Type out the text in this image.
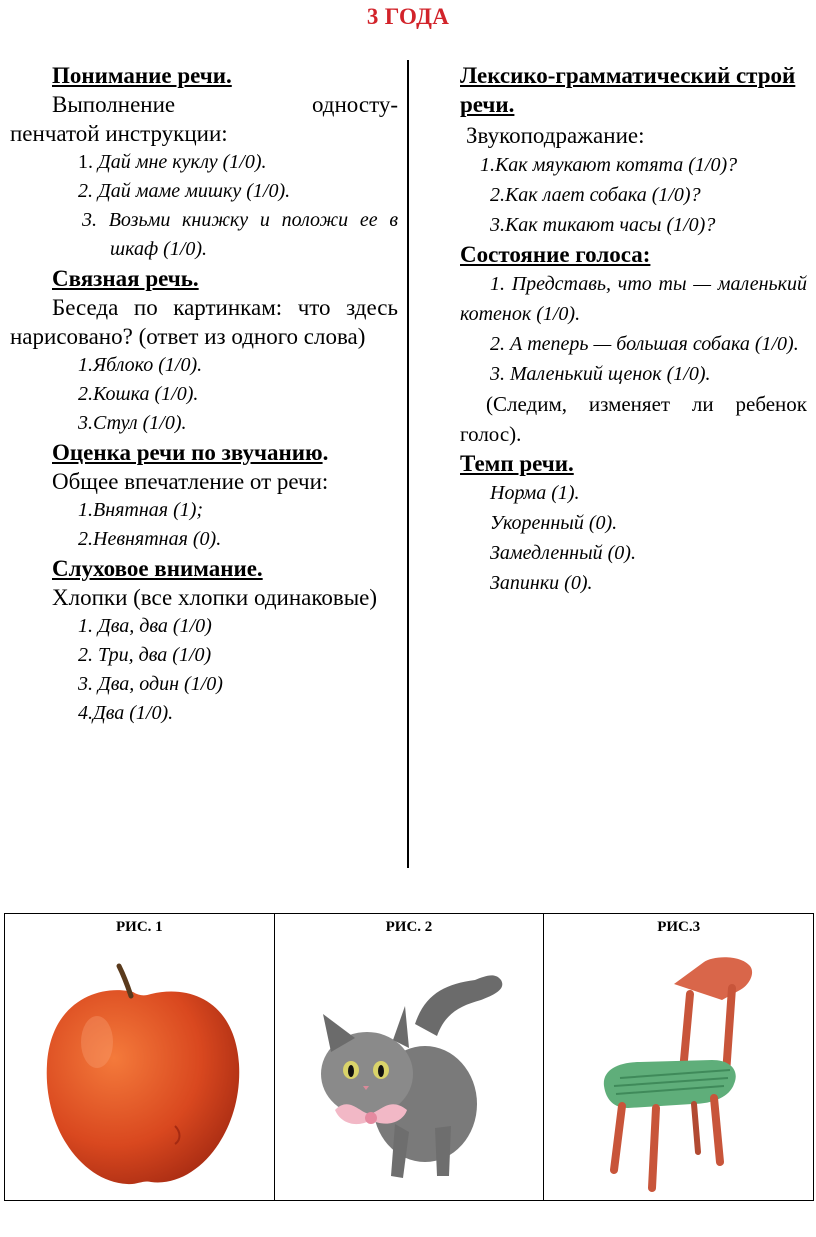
3 ГОДА
Понимание речи.
Выполнение односту-
пенчатой инструкции:
1. Дай мне куклу (1/0).
2. Дай маме мишку (1/0).
3. Возьми книжку и положи ее в шкаф (1/0).
Связная речь.
Беседа по картинкам: что здесь нарисовано? (ответ из одного слова)
1.Яблоко (1/0).
2.Кошка (1/0).
3.Стул (1/0).
Оценка речи по звучанию.
Общее впечатление от речи:
1.Внятная (1);
2.Невнятная (0).
Слуховое внимание.
Хлопки (все хлопки одинаковые)
1. Два, два (1/0)
2. Три, два (1/0)
3. Два, один (1/0)
4.Два (1/0).
Лексико-грамматический строй речи.
Звукоподражание:
1.Как мяукают котята (1/0)?
2.Как лает собака (1/0)?
3.Как тикают часы (1/0)?
Состояние голоса:
1. Представь, что ты — маленький котенок (1/0).
2. А теперь — большая собака (1/0).
3. Маленький щенок (1/0).
(Следим, изменяет ли ребенок голос).
Темп речи.
Норма (1).
Укоренный (0).
Замедленный (0).
Запинки (0).
РИС. 1	РИС. 2	РИС.3
